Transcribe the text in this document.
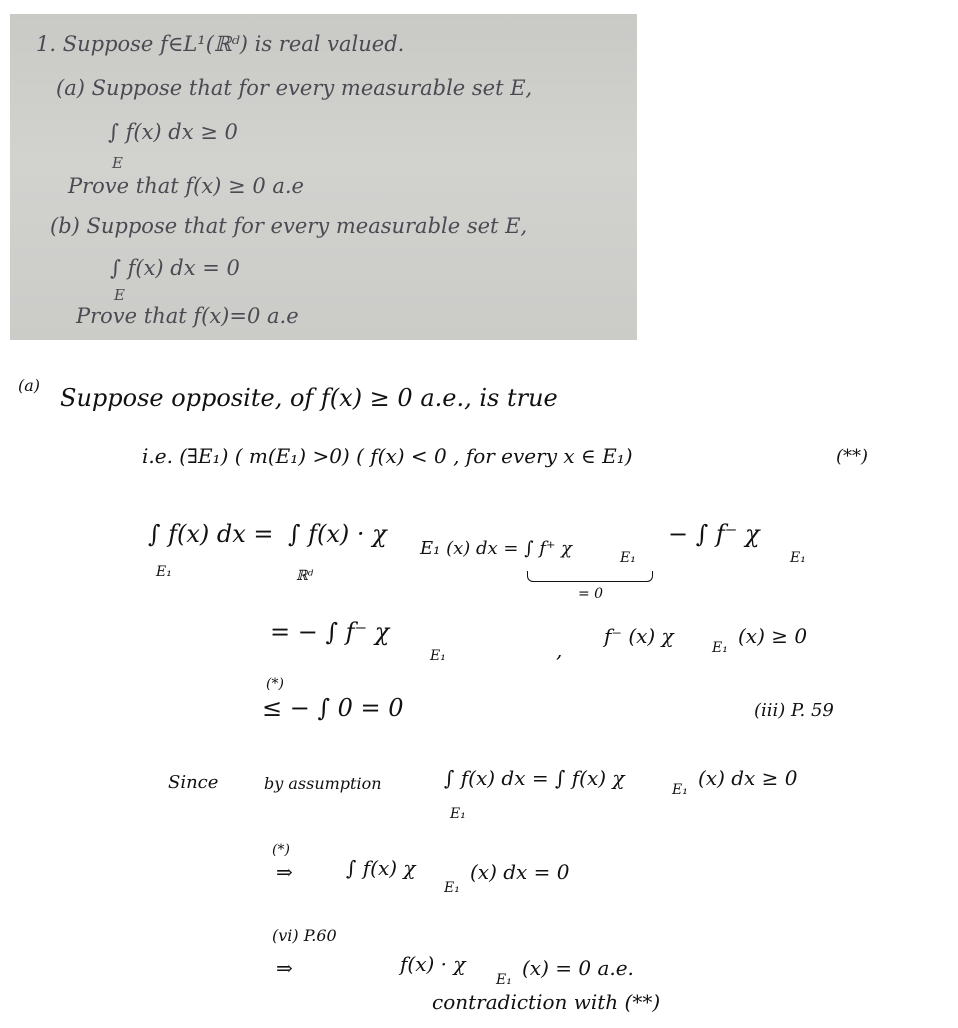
1. Suppose f∈L¹(ℝᵈ) is real valued.
(a) Suppose that for every measurable set E,
∫ f(x) dx ≥ 0
E
Prove that f(x) ≥ 0 a.e
(b) Suppose that for every measurable set E,
∫ f(x) dx = 0
E
Prove that f(x)=0 a.e
(a) Suppose opposite, of f(x) ≥ 0 a.e., is true
i.e. (∃E₁) ( m(E₁) >0) ( f(x) < 0 , for every x ∈ E₁)	(**)
∫ f(x) dx =
E₁
∫ f(x) · χ
ℝᵈ
E₁ (x) dx = ∫ f⁺ χ	E₁
− ∫ f⁻ χ
E₁
= 0
= − ∫ f⁻ χ
E₁	,
f⁻ (x) χ	E₁ (x) ≥ 0
(*)
≤ − ∫ 0 = 0	(iii) P. 59
Since	by assumption	∫ f(x) dx = ∫ f(x) χ
E₁
E₁ (x) dx ≥ 0
(*)
⇒	∫ f(x) χ
E₁
(x) dx = 0
(vi) P.60
⇒	f(x) · χ
E₁ (x) = 0 a.e.
contradiction with (**)
